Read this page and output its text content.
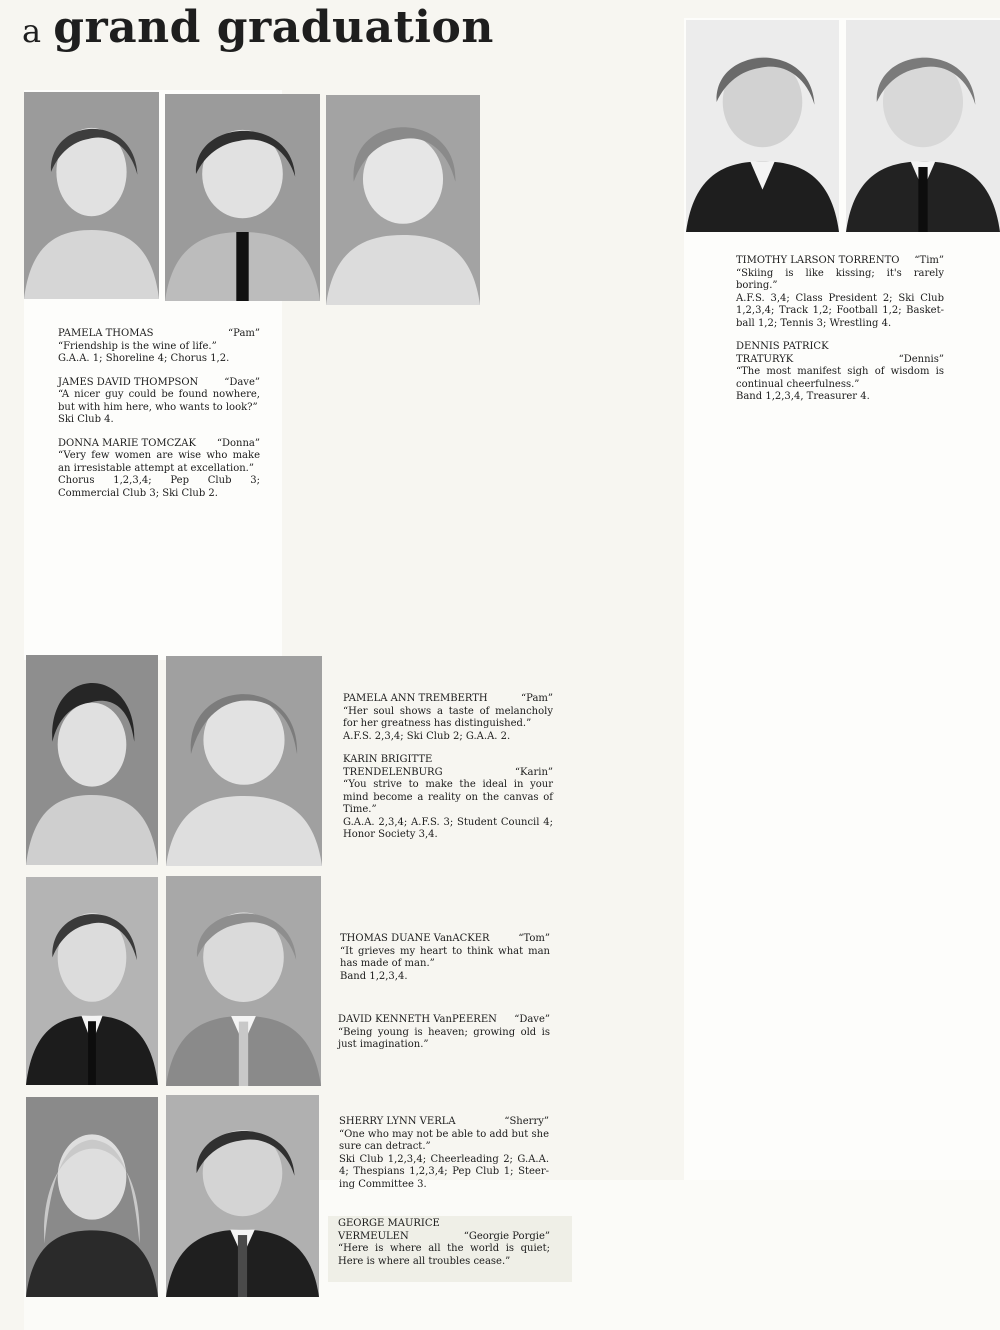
a grand graduation
PAMELA THOMAS	“Pam”
“Friendship is the wine of life.”
G.A.A. 1; Shoreline 4; Chorus 1,2.
JAMES DAVID THOMPSON	“Dave”
“A nicer guy could be found nowhere, but with him here, who wants to look?”
Ski Club 4.
DONNA MARIE TOMCZAK “Donna”
“Very few women are wise who make an irresistable attempt at excellation.”
Chorus 1,2,3,4; Pep Club 3; Commercial Club 3; Ski Club 2.
TIMOTHY LARSON TORRENTO “Tim”
“Skiing is like kissing; it's rarely boring.”
A.F.S. 3,4; Class President 2; Ski Club 1,2,3,4; Track 1,2; Football 1,2; Basket-ball 1,2; Tennis 3; Wrestling 4.
DENNIS PATRICK
TRATURYK	“Dennis”
“The most manifest sigh of wisdom is continual cheerfulness.”
Band 1,2,3,4, Treasurer 4.
PAMELA ANN TREMBERTH	“Pam”
“Her soul shows a taste of melancholy for her greatness has distinguished.”
A.F.S. 2,3,4; Ski Club 2; G.A.A. 2.
KARIN BRIGITTE
TRENDELENBURG	“Karin”
“You strive to make the ideal in your mind become a reality on the canvas of Time.”
G.A.A. 2,3,4; A.F.S. 3; Student Council 4; Honor Society 3,4.
THOMAS DUANE VanACKER	“Tom”
“It grieves my heart to think what man has made of man.”
Band 1,2,3,4.
DAVID KENNETH VanPEEREN “Dave”
“Being young is heaven; growing old is just imagination.”
SHERRY LYNN VERLA	“Sherry”
“One who may not be able to add but she sure can detract.”
Ski Club 1,2,3,4; Cheerleading 2; G.A.A. 4; Thespians 1,2,3,4; Pep Club 1; Steer-ing Committee 3.
GEORGE MAURICE
VERMEULEN	“Georgie Porgie”
“Here is where all the world is quiet; Here is where all troubles cease.”
